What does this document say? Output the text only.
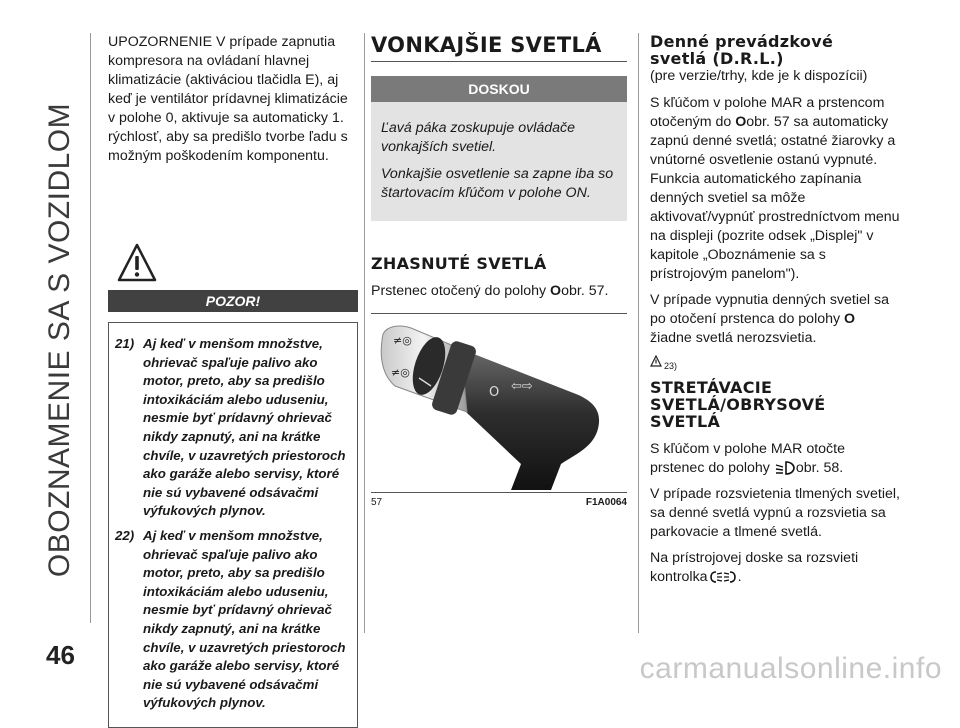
OBOZNAMENIE SA S VOZIDLOM
46	carmanualsonline.info

UPOZORNENIE V prípade zapnutia kompresora na ovládaní hlavnej klimatizácie (aktiváciou tlačidla E), aj keď je ventilátor prídavnej klimatizácie v polohe 0, aktivuje sa automaticky 1. rýchlosť, aby sa predišlo tvorbe ľadu s možným poškodením komponentu.

POZOR!
21) Aj keď v menšom množstve, ohrievač spaľuje palivo ako motor, preto, aby sa predišlo intoxikáciám alebo uduseniu, nesmie byť prídavný ohrievač nikdy zapnutý, ani na krátke chvíle, v uzavretých priestoroch ako garáže alebo servisy, ktoré nie sú vybavené odsávačmi výfukových plynov.
22) Aj keď v menšom množstve, ohrievač spaľuje palivo ako motor, preto, aby sa predišlo intoxikáciám alebo uduseniu, nesmie byť prídavný ohrievač nikdy zapnutý, ani na krátke chvíle, v uzavretých priestoroch ako garáže alebo servisy, ktoré nie sú vybavené odsávačmi výfukových plynov.
VONKAJŠIE SVETLÁ
DOSKOU

Ľavá páka zoskupuje ovládače vonkajších svetiel.

Vonkajšie osvetlenie sa zapne iba so štartovacím kľúčom v polohe ON.

ZHASNUTÉ SVETLÁ

Prstenec otočený do polohy Oobr. 57.

≠◎
≠◎
O ⇦⇨
57	F1A0064
Denné prevádzkové
svetlá (D.R.L.)

(pre verzie/trhy, kde je k dispozícii)

S kľúčom v polohe MAR a prstencom otočeným do Oobr. 57 sa automaticky zapnú denné svetlá; ostatné žiarovky a vnútorné osvetlenie ostanú vypnuté. Funkcia automatického zapínania denných svetiel sa môže aktivovať/vypnúť prostredníctvom menu na displeji (pozrite odsek „Displej" v kapitole „Oboznámenie sa s prístrojovým panelom").

V prípade vypnutia denných svetiel sa po otočení prstenca do polohy O
žiadne svetlá nerozsvietia.

23)
STRETÁVACIE
SVETLÁ/OBRYSOVÉ
SVETLÁ

S kľúčom v polohe MAR otočte prstenec do polohy obr. 58.

V prípade rozsvietenia tlmených svetiel, sa denné svetlá vypnú a rozsvietia sa parkovacie a tlmené svetlá.

Na prístrojovej doske sa rozsvieti kontrolka .
